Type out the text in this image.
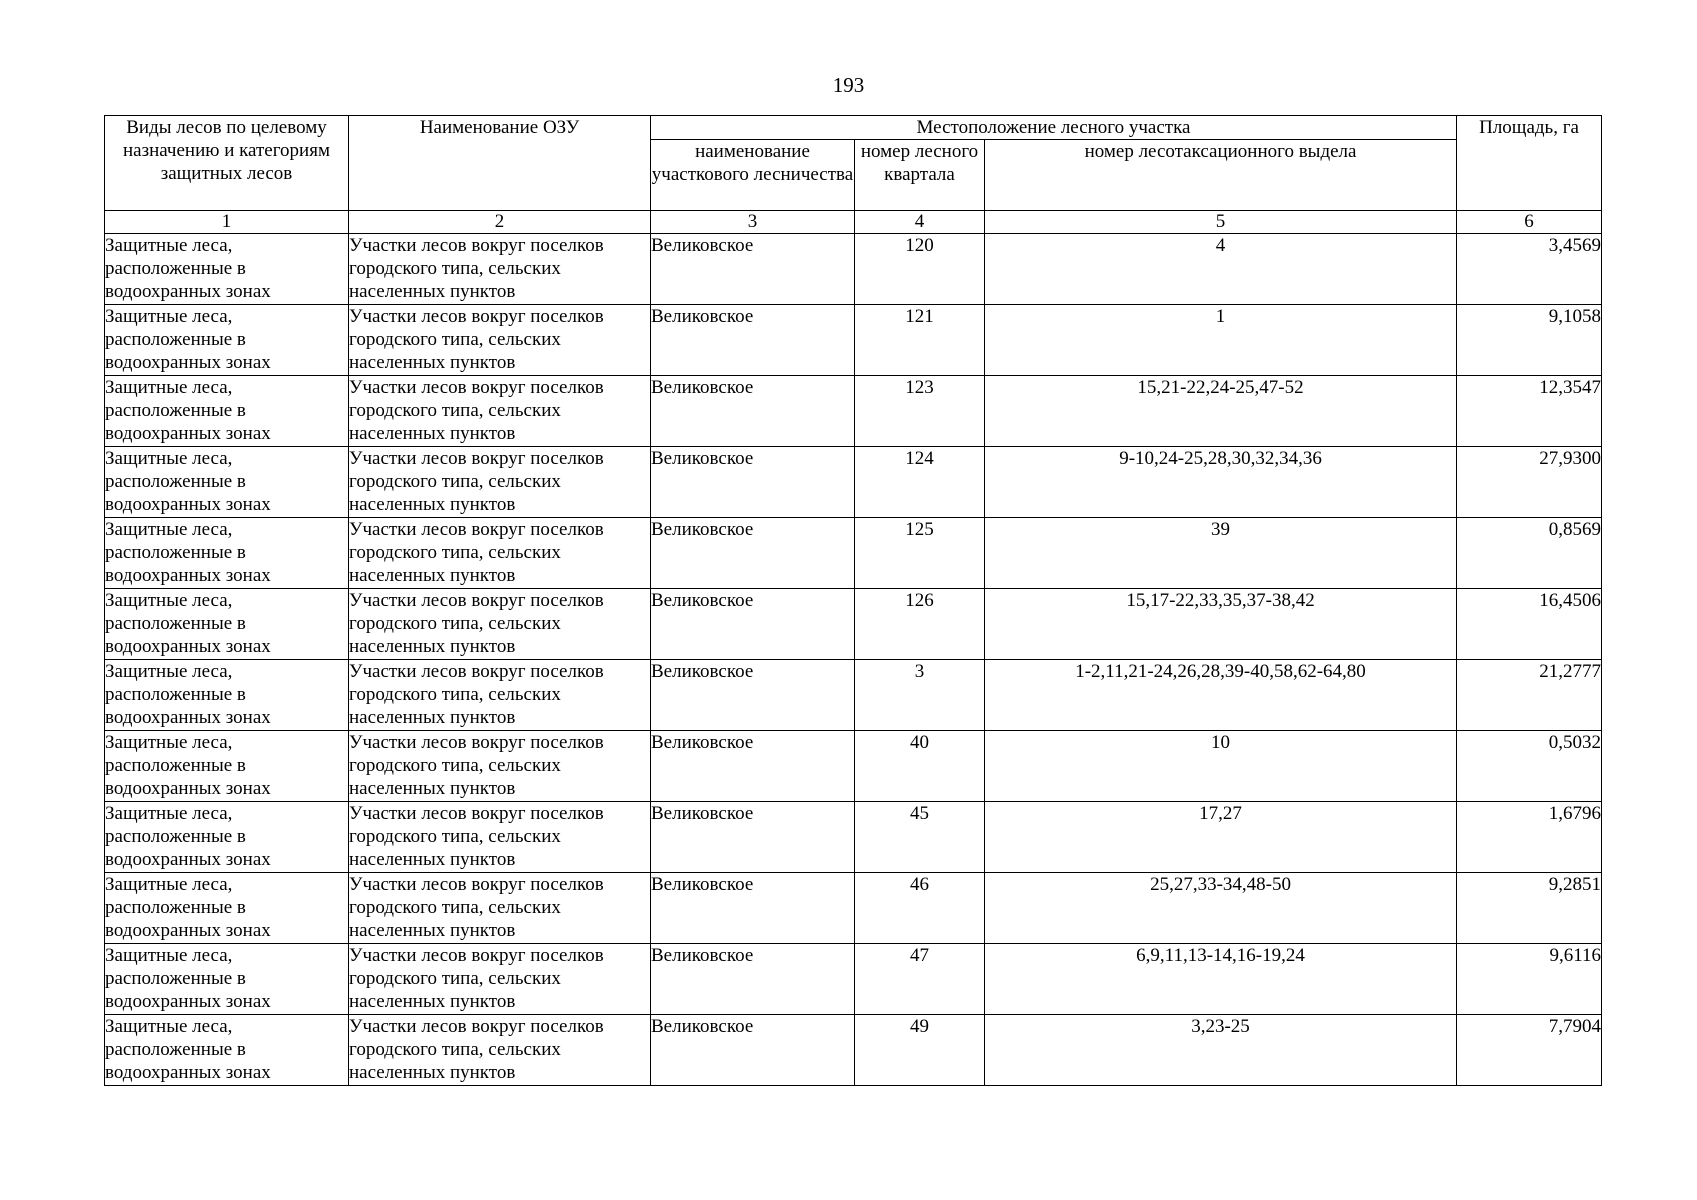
193
Виды лесов по целевому назначению и категориям защитных лесов	Наименование ОЗУ	Местоположение лесного участка			Площадь, га
		наименование участкового лесничества	номер лесного квартала	номер лесотаксационного выдела	
1	2	3	4	5	6
Защитные леса, расположенные в водоохранных зонах	Участки лесов вокруг поселков городского типа, сельских населенных пунктов	Великовское	120	4	3,4569
Защитные леса, расположенные в водоохранных зонах	Участки лесов вокруг поселков городского типа, сельских населенных пунктов	Великовское	121	1	9,1058
Защитные леса, расположенные в водоохранных зонах	Участки лесов вокруг поселков городского типа, сельских населенных пунктов	Великовское	123	15,21-22,24-25,47-52	12,3547
Защитные леса, расположенные в водоохранных зонах	Участки лесов вокруг поселков городского типа, сельских населенных пунктов	Великовское	124	9-10,24-25,28,30,32,34,36	27,9300
Защитные леса, расположенные в водоохранных зонах	Участки лесов вокруг поселков городского типа, сельских населенных пунктов	Великовское	125	39	0,8569
Защитные леса, расположенные в водоохранных зонах	Участки лесов вокруг поселков городского типа, сельских населенных пунктов	Великовское	126	15,17-22,33,35,37-38,42	16,4506
Защитные леса, расположенные в водоохранных зонах	Участки лесов вокруг поселков городского типа, сельских населенных пунктов	Великовское	3	1-2,11,21-24,26,28,39-40,58,62-64,80	21,2777
Защитные леса, расположенные в водоохранных зонах	Участки лесов вокруг поселков городского типа, сельских населенных пунктов	Великовское	40	10	0,5032
Защитные леса, расположенные в водоохранных зонах	Участки лесов вокруг поселков городского типа, сельских населенных пунктов	Великовское	45	17,27	1,6796
Защитные леса, расположенные в водоохранных зонах	Участки лесов вокруг поселков городского типа, сельских населенных пунктов	Великовское	46	25,27,33-34,48-50	9,2851
Защитные леса, расположенные в водоохранных зонах	Участки лесов вокруг поселков городского типа, сельских населенных пунктов	Великовское	47	6,9,11,13-14,16-19,24	9,6116
Защитные леса, расположенные в водоохранных зонах	Участки лесов вокруг поселков городского типа, сельских населенных пунктов	Великовское	49	3,23-25	7,7904
